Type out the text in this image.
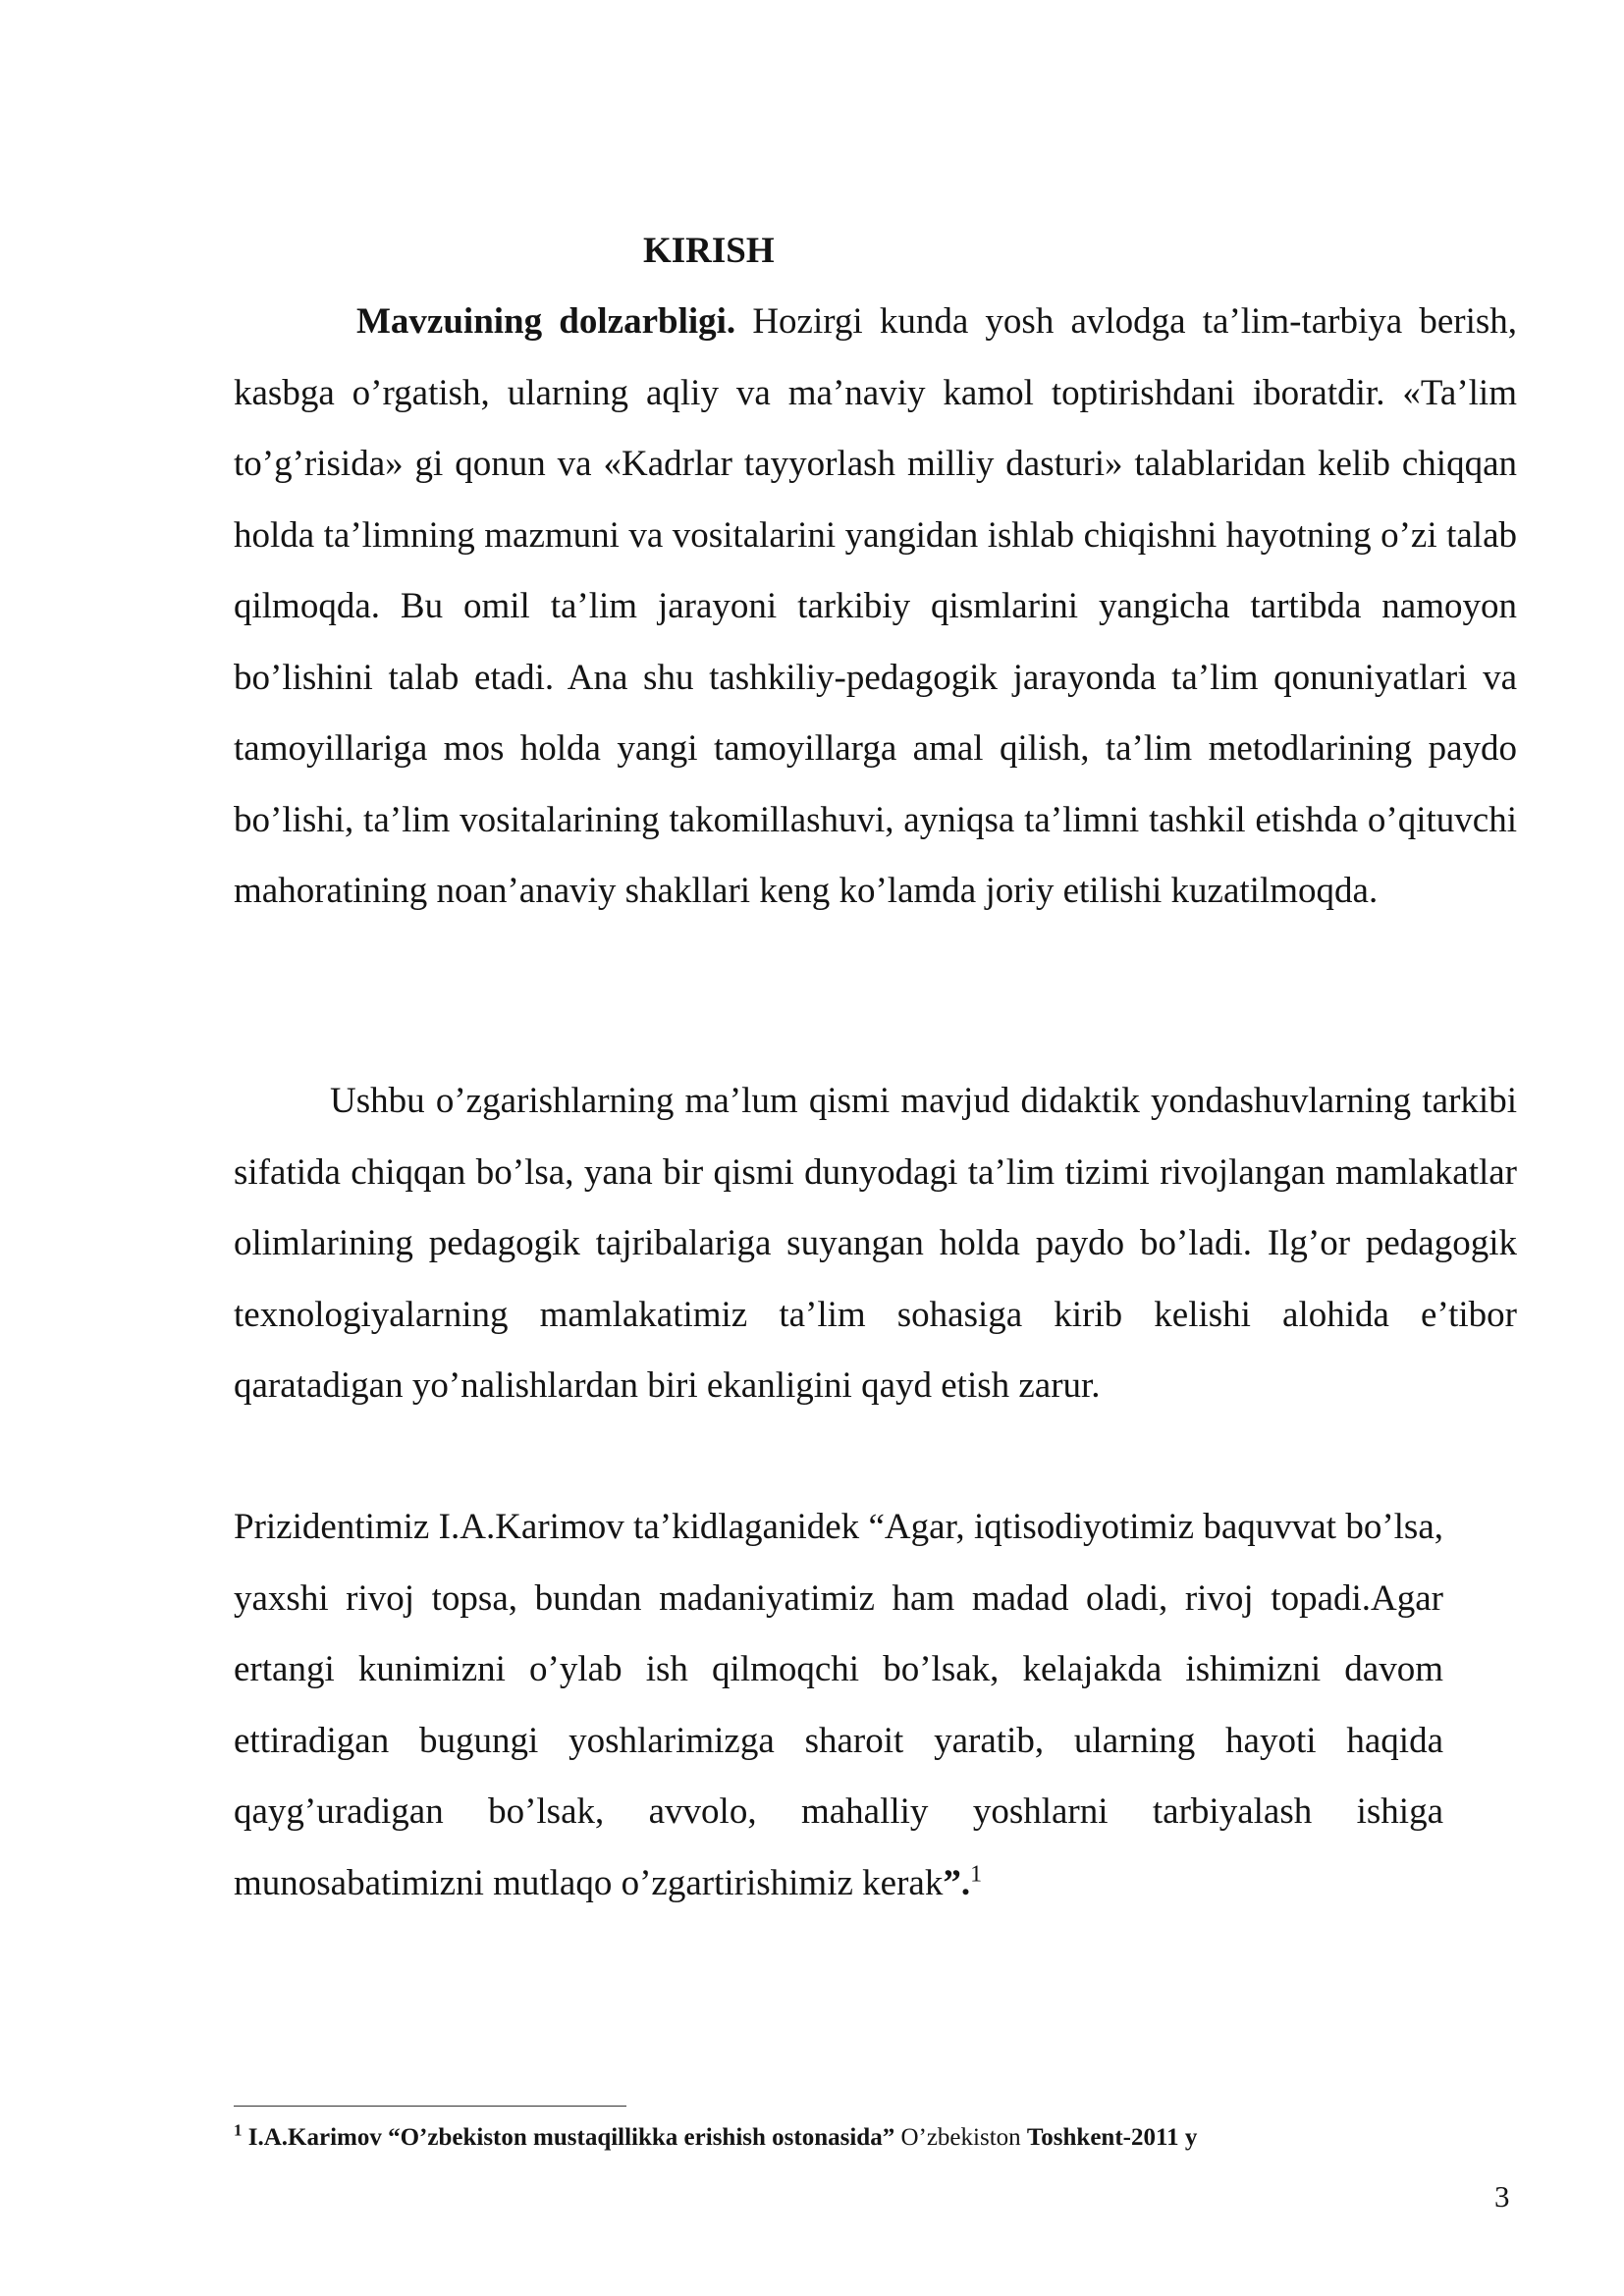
KIRISH

Mavzuining dolzarbligi. Hozirgi kunda yosh avlodga ta’lim-tarbiya berish, kasbga o’rgatish, ularning aqliy va ma’naviy kamol toptirishdani iboratdir. «Ta’lim to’g’risida» gi qonun va «Kadrlar tayyorlash milliy dasturi» talablaridan kelib chiqqan holda ta’limning mazmuni va vositalarini yangidan ishlab chiqishni hayotning o’zi talab qilmoqda. Bu omil ta’lim jarayoni tarkibiy qismlarini yangicha tartibda namoyon bo’lishini talab etadi. Ana shu tashkiliy-pedagogik jarayonda ta’lim qonuniyatlari va tamoyillariga mos holda yangi tamoyillarga amal qilish, ta’lim metodlarining paydo bo’lishi, ta’lim vositalarining takomillashuvi, ayniqsa ta’limni tashkil etishda o’qituvchi mahoratining noan’anaviy shakllari keng ko’lamda joriy etilishi kuzatilmoqda.

Ushbu o’zgarishlarning ma’lum qismi mavjud didaktik yondashuvlarning tarkibi sifatida chiqqan bo’lsa, yana bir qismi dunyodagi ta’lim tizimi rivojlangan mamlakatlar olimlarining pedagogik tajribalariga suyangan holda paydo bo’ladi. Ilg’or pedagogik texnologiyalarning mamlakatimiz ta’lim sohasiga kirib kelishi alohida e’tibor qaratadigan yo’nalishlardan biri ekanligini qayd etish zarur.

Prizidentimiz I.A.Karimov ta’kidlaganidek “Agar, iqtisodiyotimiz baquvvat bo’lsa, yaxshi rivoj topsa, bundan madaniyatimiz ham madad oladi, rivoj topadi.Agar ertangi kunimizni o’ylab ish qilmoqchi bo’lsak, kelajakda ishimizni davom ettiradigan bugungi yoshlarimizga sharoit yaratib, ularning hayoti haqida qayg’uradigan bo’lsak, avvolo, mahalliy yoshlarni tarbiyalash ishiga munosabatimizni mutlaqo o’zgartirishimiz kerak”.$^1$

$^1$ I.A.Karimov “O’zbekiston mustaqillikka erishish ostonasida” O’zbekiston Toshkent-2011 y

3
